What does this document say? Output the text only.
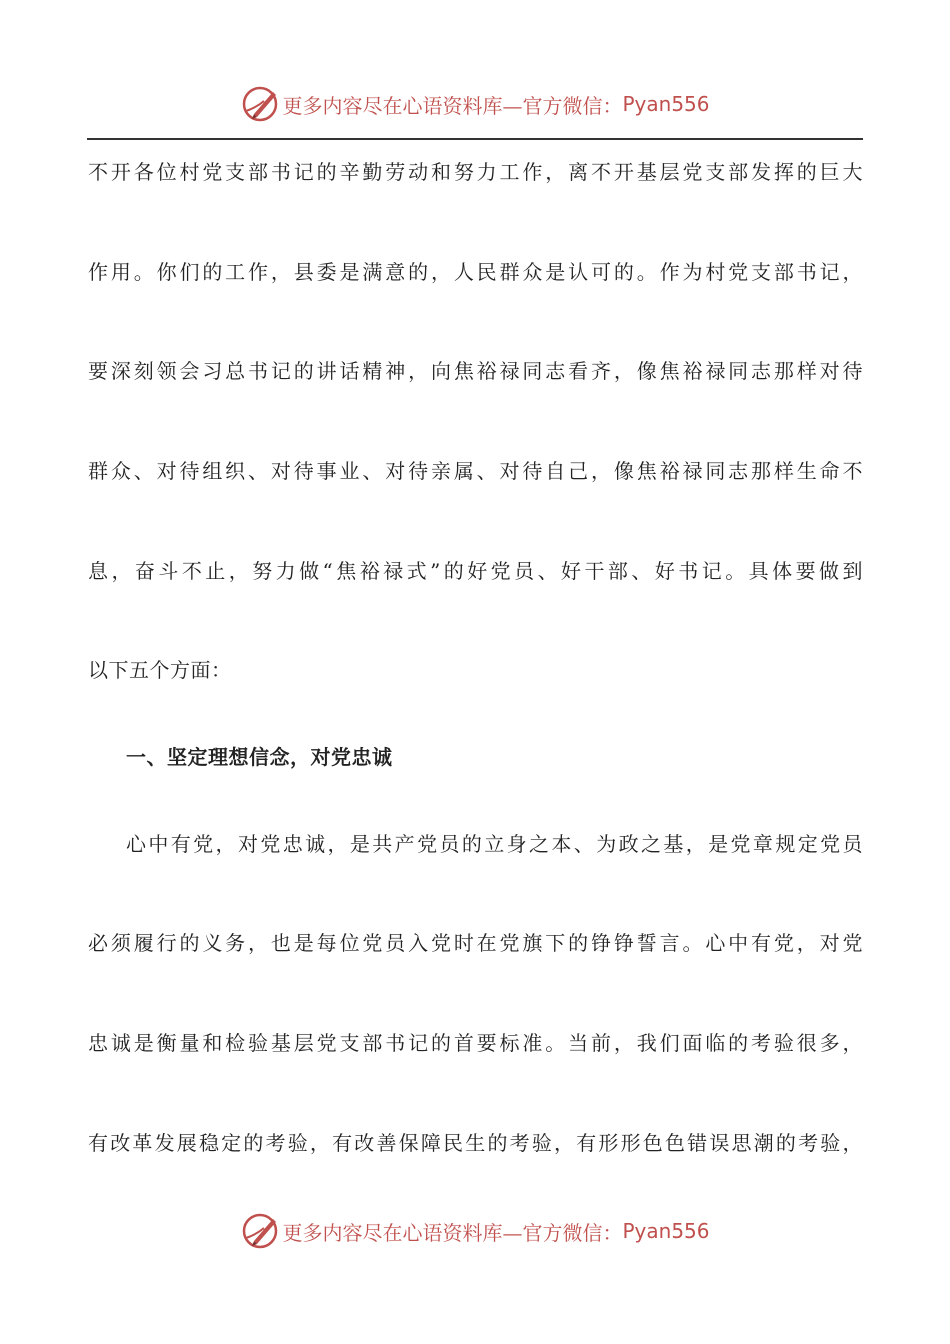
更多内容尽在心语资料库—官方微信： Pyan556
不开各位村党支部书记的辛勤劳动和努力工作，离不开基层党支部发挥的巨大
作用。你们的工作，县委是满意的，人民群众是认可的。作为村党支部书记，
要深刻领会习总书记的讲话精神，向焦裕禄同志看齐，像焦裕禄同志那样对待
群众、对待组织、对待事业、对待亲属、对待自己，像焦裕禄同志那样生命不
息，奋斗不止，努力做“焦裕禄式”的好党员、好干部、好书记。具体要做到
以下五个方面：
一、坚定理想信念，对党忠诚
心中有党，对党忠诚，是共产党员的立身之本、为政之基，是党章规定党员
必须履行的义务，也是每位党员入党时在党旗下的铮铮誓言。心中有党，对党
忠诚是衡量和检验基层党支部书记的首要标准。当前，我们面临的考验很多，
有改革发展稳定的考验，有改善保障民生的考验，有形形色色错误思潮的考验，
更多内容尽在心语资料库—官方微信： Pyan556
